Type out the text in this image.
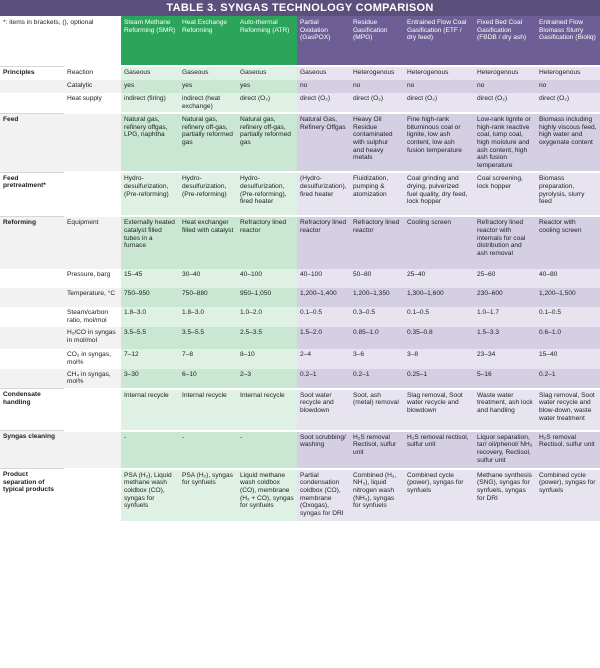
TABLE 3. SYNGAS TECHNOLOGY COMPARISON
*: items in brackets, (), optional		Steam Methane Reforming (SMR)	Heat Exchange Reforming	Auto-thermal Reforming (ATR)	Partial Oxidation (GasPOX)	Residue Gasification (MPG)	Entrained Flow Coal Gasification (ETF / dry feed)	Fixed Bed Coal Gasification (FBDB / dry ash)	Entrained Flow Biomass Slurry Gasification (Bioliq)
Principles	Reaction	Gaseous	Gaseous	Gaseous	Gaseous	Heterogenous	Heterogenous	Heterogenous	Heterogenous
	Catalytic	yes	yes	yes	no	no	no	no	no
	Heat supply	indirect (firing)	indirect (heat exchange)	direct (O₂)	direct (O₂)	direct (O₂)	direct (O₂)	direct (O₂)	direct (O₂)
Feed		Natural gas, refinery offgas, LPG, naphtha	Natural gas, refinery off-gas, partially reformed gas	Natural gas, refinery off-gas, partially reformed gas	Natural Gas, Refinery Offgas	Heavy Oil Residue contaminated with sulphur and heavy metals	Fine high-rank bituminous coal or lignite, low ash content, low ash fusion temperature	Low-rank lignite or high-rank reactive coal, lump coal, high moisture and ash content, high ash fusion temperature	Biomass including highly viscous feed, high water and oxygenate content
Feed pretreatment*		Hydro-desulfurization, (Pre-reforming)	Hydro-desulfurization, (Pre-reforming)	Hydro-desulfurization, (Pre-reforming), fired heater	(Hydro-desulfurization), fired heater	Fluidization, pumping & atomization	Coal grinding and drying, pulverized fuel quality, dry feed, lock hopper	Coal screening, lock hopper	Biomass preparation, pyrolysis, slurry feed
Reforming	Equipment	Externally heated catalyst filled tubes in a furnace	Heat exchanger filled with catalyst	Refractory lined reactor	Refractory lined reactor	Refractory lined reactor	Cooling screen	Refractory lined reactor with internals for coal distribution and ash removal	Reactor with cooling screen
	Pressure, barg	15–45	30–40	40–100	40–100	50–80	25–40	25–60	40–80
	Temperature, °C	750–950	750–880	950–1,050	1,200–1,400	1,200–1,350	1,300–1,600	230–600	1,200–1,500
	Steam/carbon ratio, mol/mol	1.8–3.0	1.8–3.0	1.0–2.0	0.1–0.5	0.3–0.5	0.1–0.5	1.0–1.7	0.1–0.5
	H₂/CO in syngas in mol/mol	3.5–5.5	3.5–5.5	2.5–3.5	1.5–2.0	0.85–1.0	0.35–0.8	1.5–3.3	0.6–1.0
	CO₂ in syngas, mol%	7–12	7–8	8–10	2–4	3–6	3–8	23–34	15–40
	CH₄ in syngas, mol%	3–30	6–10	2–3	0.2–1	0.2–1	0.25–1	5–16	0.2–1
Condensate handling		Internal recycle	Internal recycle	Internal recycle	Soot water recycle and blowdown	Soot, ash (metal) removal	Slag removal, Soot water recycle and blowdown	Waste water treatment, ash lock and handling	Slag removal, Soot water recycle and blow-down, waste water treatment
Syngas cleaning		-	-	-	Soot scrubbing/ washing	H₂S removal Rectisol, sulfur unit	H₂S removal rectisol, sulfur unit	Liquor separation, tar/ oil/phenol/ NH₃ recovery, Rectisol, sulfur unit	H₂S removal Rectisol, sulfur unit
Product separation of typical products		PSA (H₂), Liquid methane wash coldbox (CO), syngas for synfuels	PSA (H₂), syngas for synfuels	Liquid methane wash coldbox (CO), membrane (H₂ + CO), syngas for synfuels	Partial condensation coldbox (CO), membrane (Oxogas), syngas for DRI	Combined (H₂, NH₃), liquid nitrogen wash (NH₃), syngas for synfuels	Combined cycle (power), syngas for synfuels	Methane synthesis (SNG), syngas for synfuels, syngas for DRI	Combined cycle (power), syngas for synfuels
